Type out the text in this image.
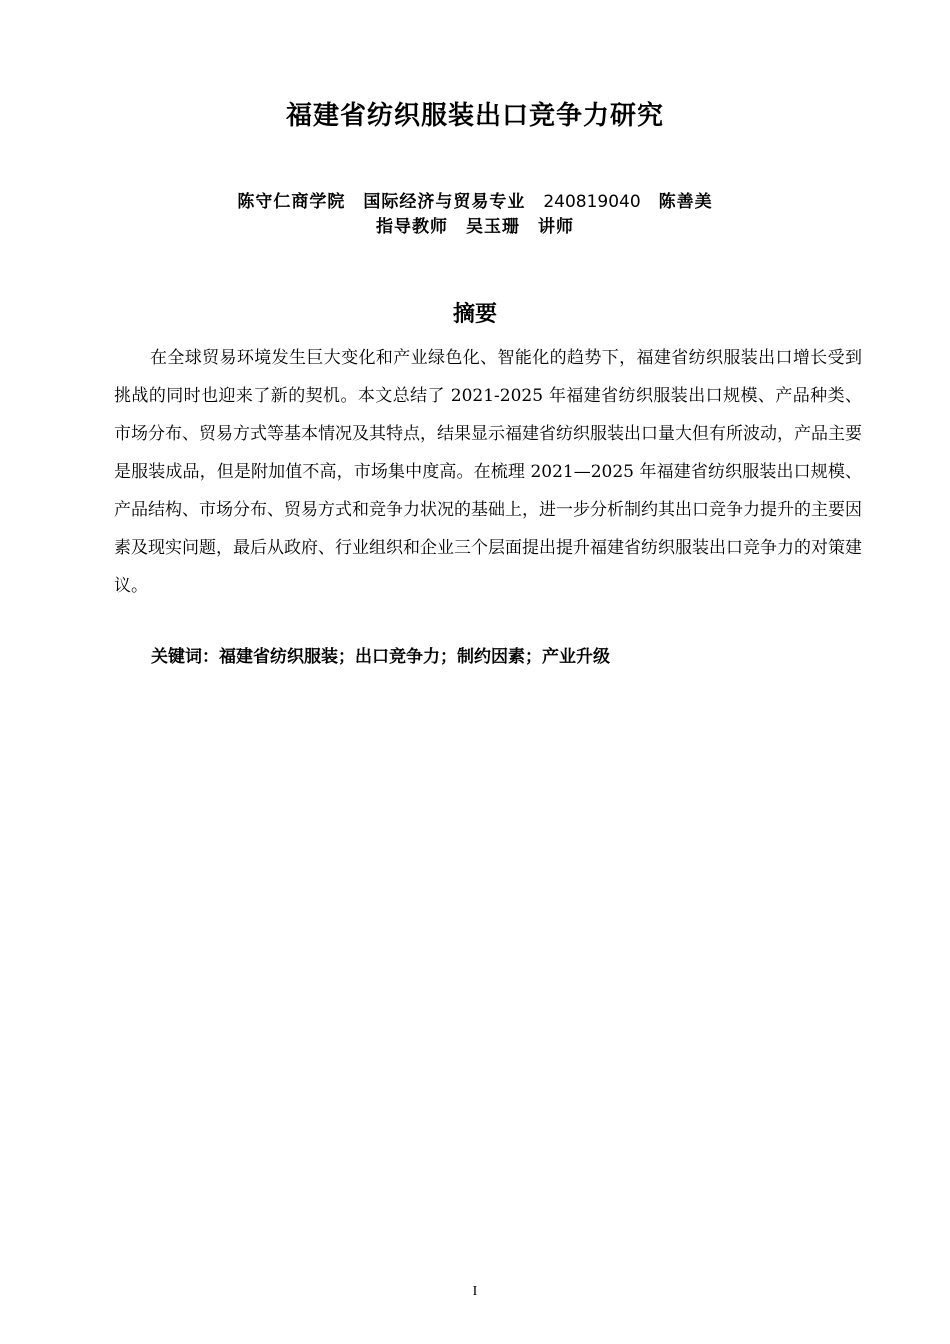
福建省纺织服装出口竞争力研究
陈守仁商学院 国际经济与贸易专业 240819040 陈善美
指导教师 吴玉珊 讲师
摘要

在全球贸易环境发生巨大变化和产业绿色化、智能化的趋势下，福建省纺织服装出口增长受到挑战的同时也迎来了新的契机。本文总结了 2021-2025 年福建省纺织服装出口规模、产品种类、市场分布、贸易方式等基本情况及其特点，结果显示福建省纺织服装出口量大但有所波动，产品主要是服装成品，但是附加值不高，市场集中度高。在梳理 2021—2025 年福建省纺织服装出口规模、产品结构、市场分布、贸易方式和竞争力状况的基础上，进一步分析制约其出口竞争力提升的主要因素及现实问题，最后从政府、行业组织和企业三个层面提出提升福建省纺织服装出口竞争力的对策建议。

关键词：福建省纺织服装；出口竞争力；制约因素；产业升级
I
